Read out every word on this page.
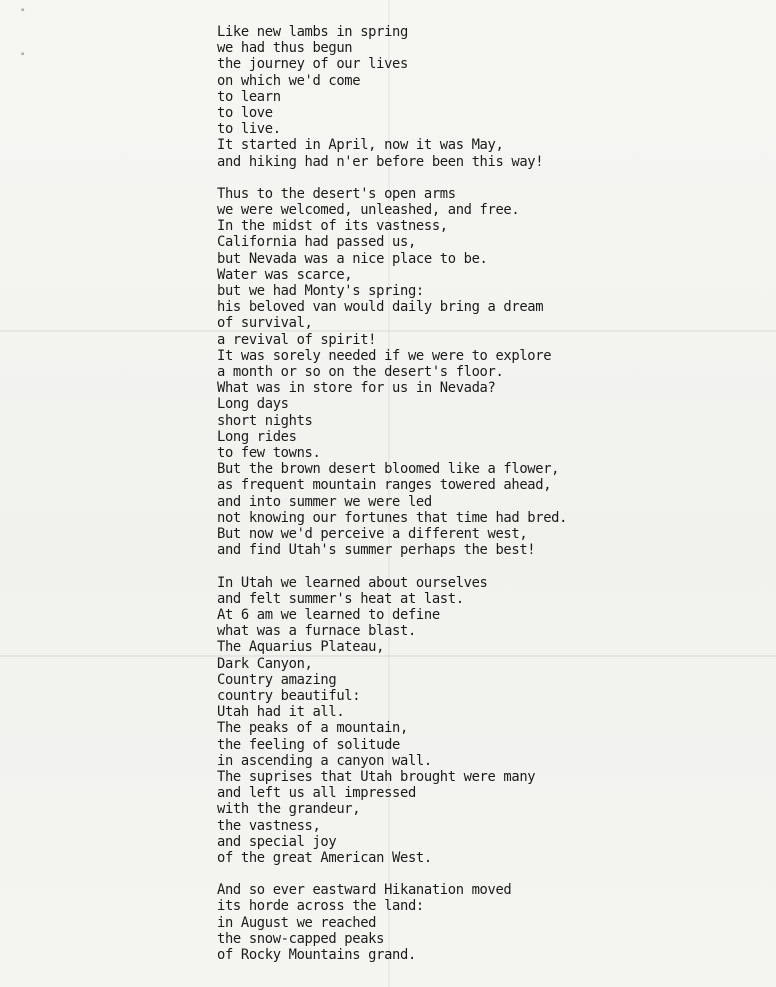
°
°
Like new lambs in spring
we had thus begun
the journey of our lives
on which we'd come
to learn
to love
to live.
It started in April, now it was May,
and hiking had n'er before been this way!
Thus to the desert's open arms
we were welcomed, unleashed, and free.
In the midst of its vastness,
California had passed us,
but Nevada was a nice place to be.
Water was scarce,
but we had Monty's spring:
his beloved van would daily bring a dream
of survival,
a revival of spirit!
It was sorely needed if we were to explore
a month or so on the desert's floor.
What was in store for us in Nevada?
Long days
short nights
Long rides
to few towns.
But the brown desert bloomed like a flower,
as frequent mountain ranges towered ahead,
and into summer we were led
not knowing our fortunes that time had bred.
But now we'd perceive a different west,
and find Utah's summer perhaps the best!
In Utah we learned about ourselves
and felt summer's heat at last.
At 6 am we learned to define
what was a furnace blast.
The Aquarius Plateau,
Dark Canyon,
Country amazing
country beautiful:
Utah had it all.
The peaks of a mountain,
the feeling of solitude
in ascending a canyon wall.
The suprises that Utah brought were many
and left us all impressed
with the grandeur,
the vastness,
and special joy
of the great American West.
And so ever eastward Hikanation moved
its horde across the land:
in August we reached
the snow-capped peaks
of Rocky Mountains grand.
